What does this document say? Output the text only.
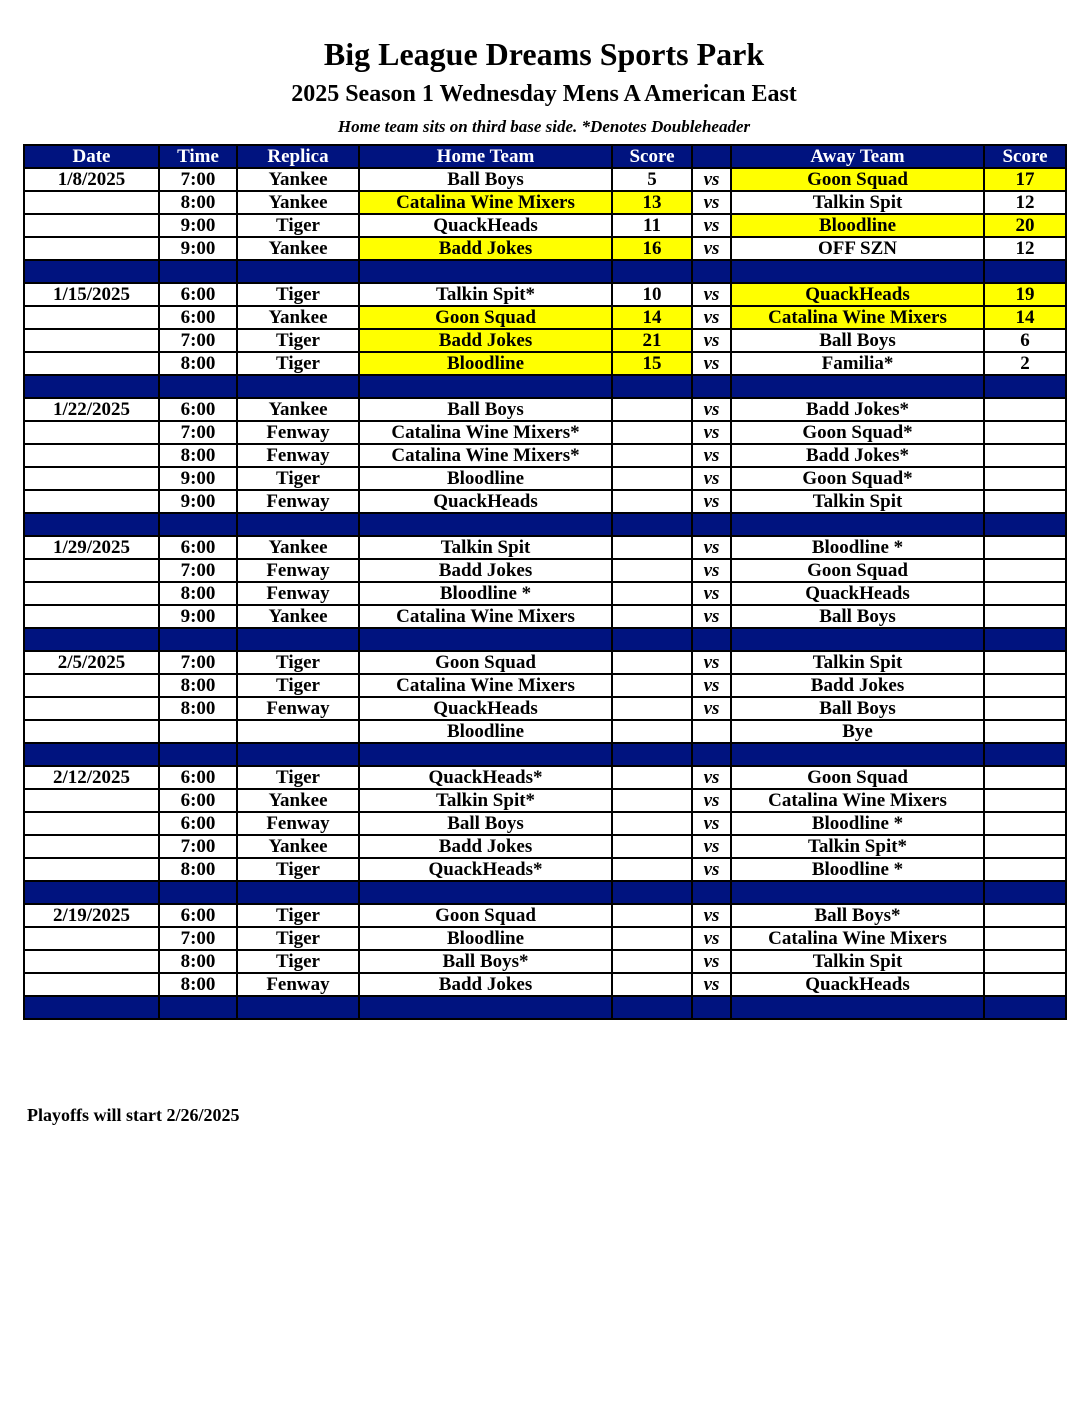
Big League Dreams Sports Park
2025 Season 1 Wednesday Mens A American East
Home team sits on third base side. *Denotes Doubleheader
Date	Time	Replica	Home Team	Score		Away Team	Score
1/8/2025	7:00	Yankee	Ball Boys	5	vs	Goon Squad	17
	8:00	Yankee	Catalina Wine Mixers	13	vs	Talkin Spit	12
	9:00	Tiger	QuackHeads	11	vs	Bloodline	20
	9:00	Yankee	Badd Jokes	16	vs	OFF SZN	12

1/15/2025	6:00	Tiger	Talkin Spit*	10	vs	QuackHeads	19
	6:00	Yankee	Goon Squad	14	vs	Catalina Wine Mixers	14
	7:00	Tiger	Badd Jokes	21	vs	Ball Boys	6
	8:00	Tiger	Bloodline	15	vs	Familia*	2

1/22/2025	6:00	Yankee	Ball Boys		vs	Badd Jokes*	
	7:00	Fenway	Catalina Wine Mixers*		vs	Goon Squad*	
	8:00	Fenway	Catalina Wine Mixers*		vs	Badd Jokes*	
	9:00	Tiger	Bloodline		vs	Goon Squad*	
	9:00	Fenway	QuackHeads		vs	Talkin Spit	

1/29/2025	6:00	Yankee	Talkin Spit		vs	Bloodline *	
	7:00	Fenway	Badd Jokes		vs	Goon Squad	
	8:00	Fenway	Bloodline *		vs	QuackHeads	
	9:00	Yankee	Catalina Wine Mixers		vs	Ball Boys	

2/5/2025	7:00	Tiger	Goon Squad		vs	Talkin Spit	
	8:00	Tiger	Catalina Wine Mixers		vs	Badd Jokes	
	8:00	Fenway	QuackHeads		vs	Ball Boys	
			Bloodline			Bye	

2/12/2025	6:00	Tiger	QuackHeads*		vs	Goon Squad	
	6:00	Yankee	Talkin Spit*		vs	Catalina Wine Mixers	
	6:00	Fenway	Ball Boys		vs	Bloodline *	
	7:00	Yankee	Badd Jokes		vs	Talkin Spit*	
	8:00	Tiger	QuackHeads*		vs	Bloodline *	

2/19/2025	6:00	Tiger	Goon Squad		vs	Ball Boys*	
	7:00	Tiger	Bloodline		vs	Catalina Wine Mixers	
	8:00	Tiger	Ball Boys*		vs	Talkin Spit	
	8:00	Fenway	Badd Jokes		vs	QuackHeads	

Playoffs will start 2/26/2025
